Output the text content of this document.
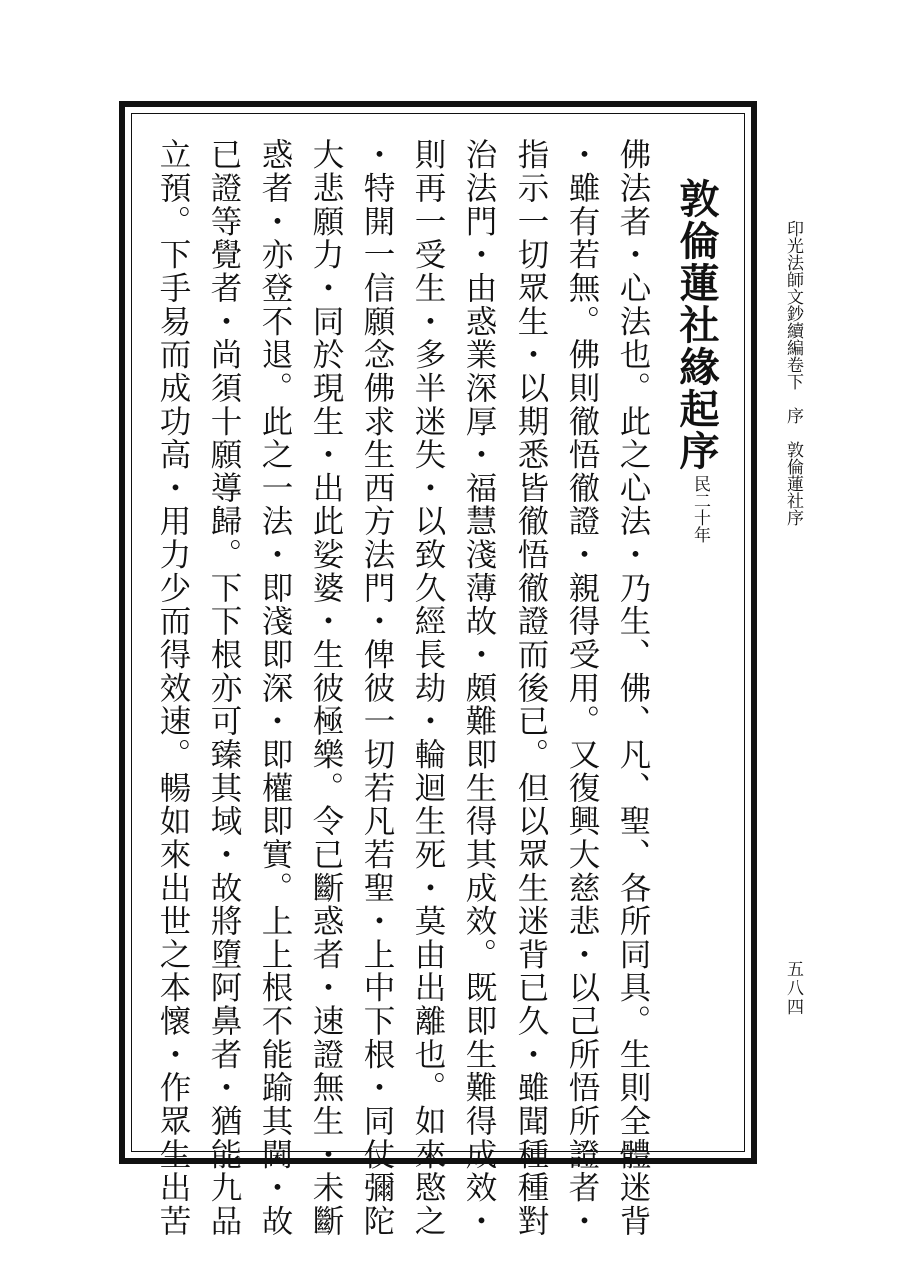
敦倫蓮社緣起序
民二十年
佛法者・心法也。此之心法・乃生、佛、凡、聖、各所同具。生則全體迷背
・雖有若無。佛則徹悟徹證・親得受用。又復興大慈悲・以己所悟所證者・
指示一切眾生・以期悉皆徹悟徹證而後已。但以眾生迷背已久・雖聞種種對
治法門・由惑業深厚・福慧淺薄故・頗難即生得其成效。既即生難得成效・
則再一受生・多半迷失・以致久經長劫・輪迴生死・莫由出離也。如來愍之
・特開一信願念佛求生西方法門・俾彼一切若凡若聖・上中下根・同仗彌陀
大悲願力・同於現生・出此娑婆・生彼極樂。令已斷惑者・速證無生・未斷
惑者・亦登不退。此之一法・即淺即深・即權即實。上上根不能踰其閫・故
已證等覺者・尚須十願導歸。下下根亦可臻其域・故將墮阿鼻者・猶能九品
立預。下手易而成功高・用力少而得效速。暢如來出世之本懷・作眾生出苦	印光法師文鈔續編卷下　序　敦倫蓮社序
五八四
